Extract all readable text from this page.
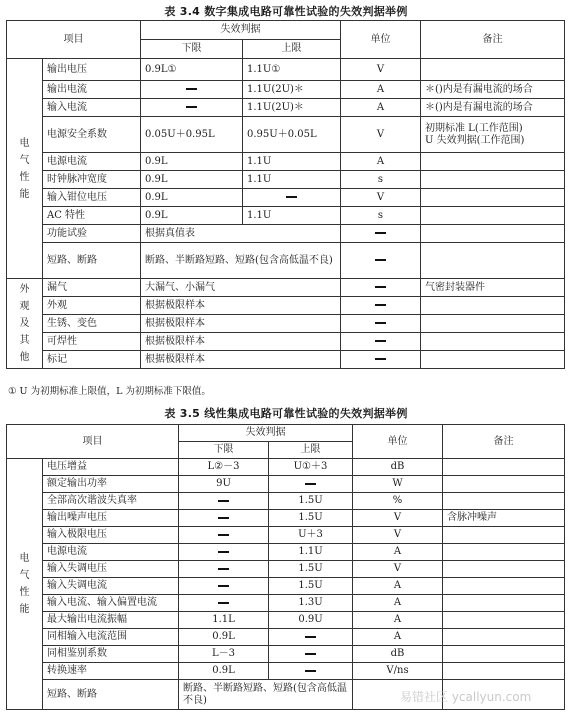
表 3.4 数字集成电路可靠性试验的失效判据举例
项目		失效判据		单位	备注
		下限	上限		
电
气
性
能	输出电压	0.9L①	1.1U①	V	
	输出电流		1.1U(2U)＊	A	＊()内是有漏电流的场合
	输入电流		1.1U(2U)＊	A	＊()内是有漏电流的场合
	电源安全系数	0.05U＋0.95L	0.95U＋0.05L	V	初期标准 L(工作范围)
U 失效判据(工作范围)
	电源电流	0.9L	1.1U	A	
	时钟脉冲宽度	0.9L	1.1U	s	
	输入钳位电压	0.9L		V	
	AC 特性	0.9L	1.1U	s	
	功能试验	根据真值表			
	短路、断路	断路、半断路短路、短路(包含高低温不良)			
外
观
及
其
他	漏气	大漏气、小漏气			气密封装器件
	外观	根据极限样本			
	生锈、变色	根据极限样本			
	可焊性	根据极限样本			
	标记	根据极限样本			
① U 为初期标准上限值，L 为初期标准下限值。
表 3.5 线性集成电路可靠性试验的失效判据举例
项目		失效判据		单位	备注
		下限	上限		
电
气
性
能	电压增益	L②－3	U①＋3	dB	
	额定输出功率	9U		W	
	全部高次谐波失真率		1.5U	%	
	输出噪声电压		1.5U	V	含脉冲噪声
	输入极限电压		U＋3	V	
	电源电流		1.1U	A	
	输入失调电压		1.5U	V	
	输入失调电流		1.5U	A	
	输入电流、输入偏置电流		1.3U	A	
	最大输出电流振幅	1.1L	0.9U	A	
	同相输入电流范围	0.9L		A	
	同相鉴别系数	L－3		dB	
	转换速率	0.9L		V/ns	
	短路、断路	断路、半断路短路、短路(包含高低温不良)				易错社区 ycallyun.com
